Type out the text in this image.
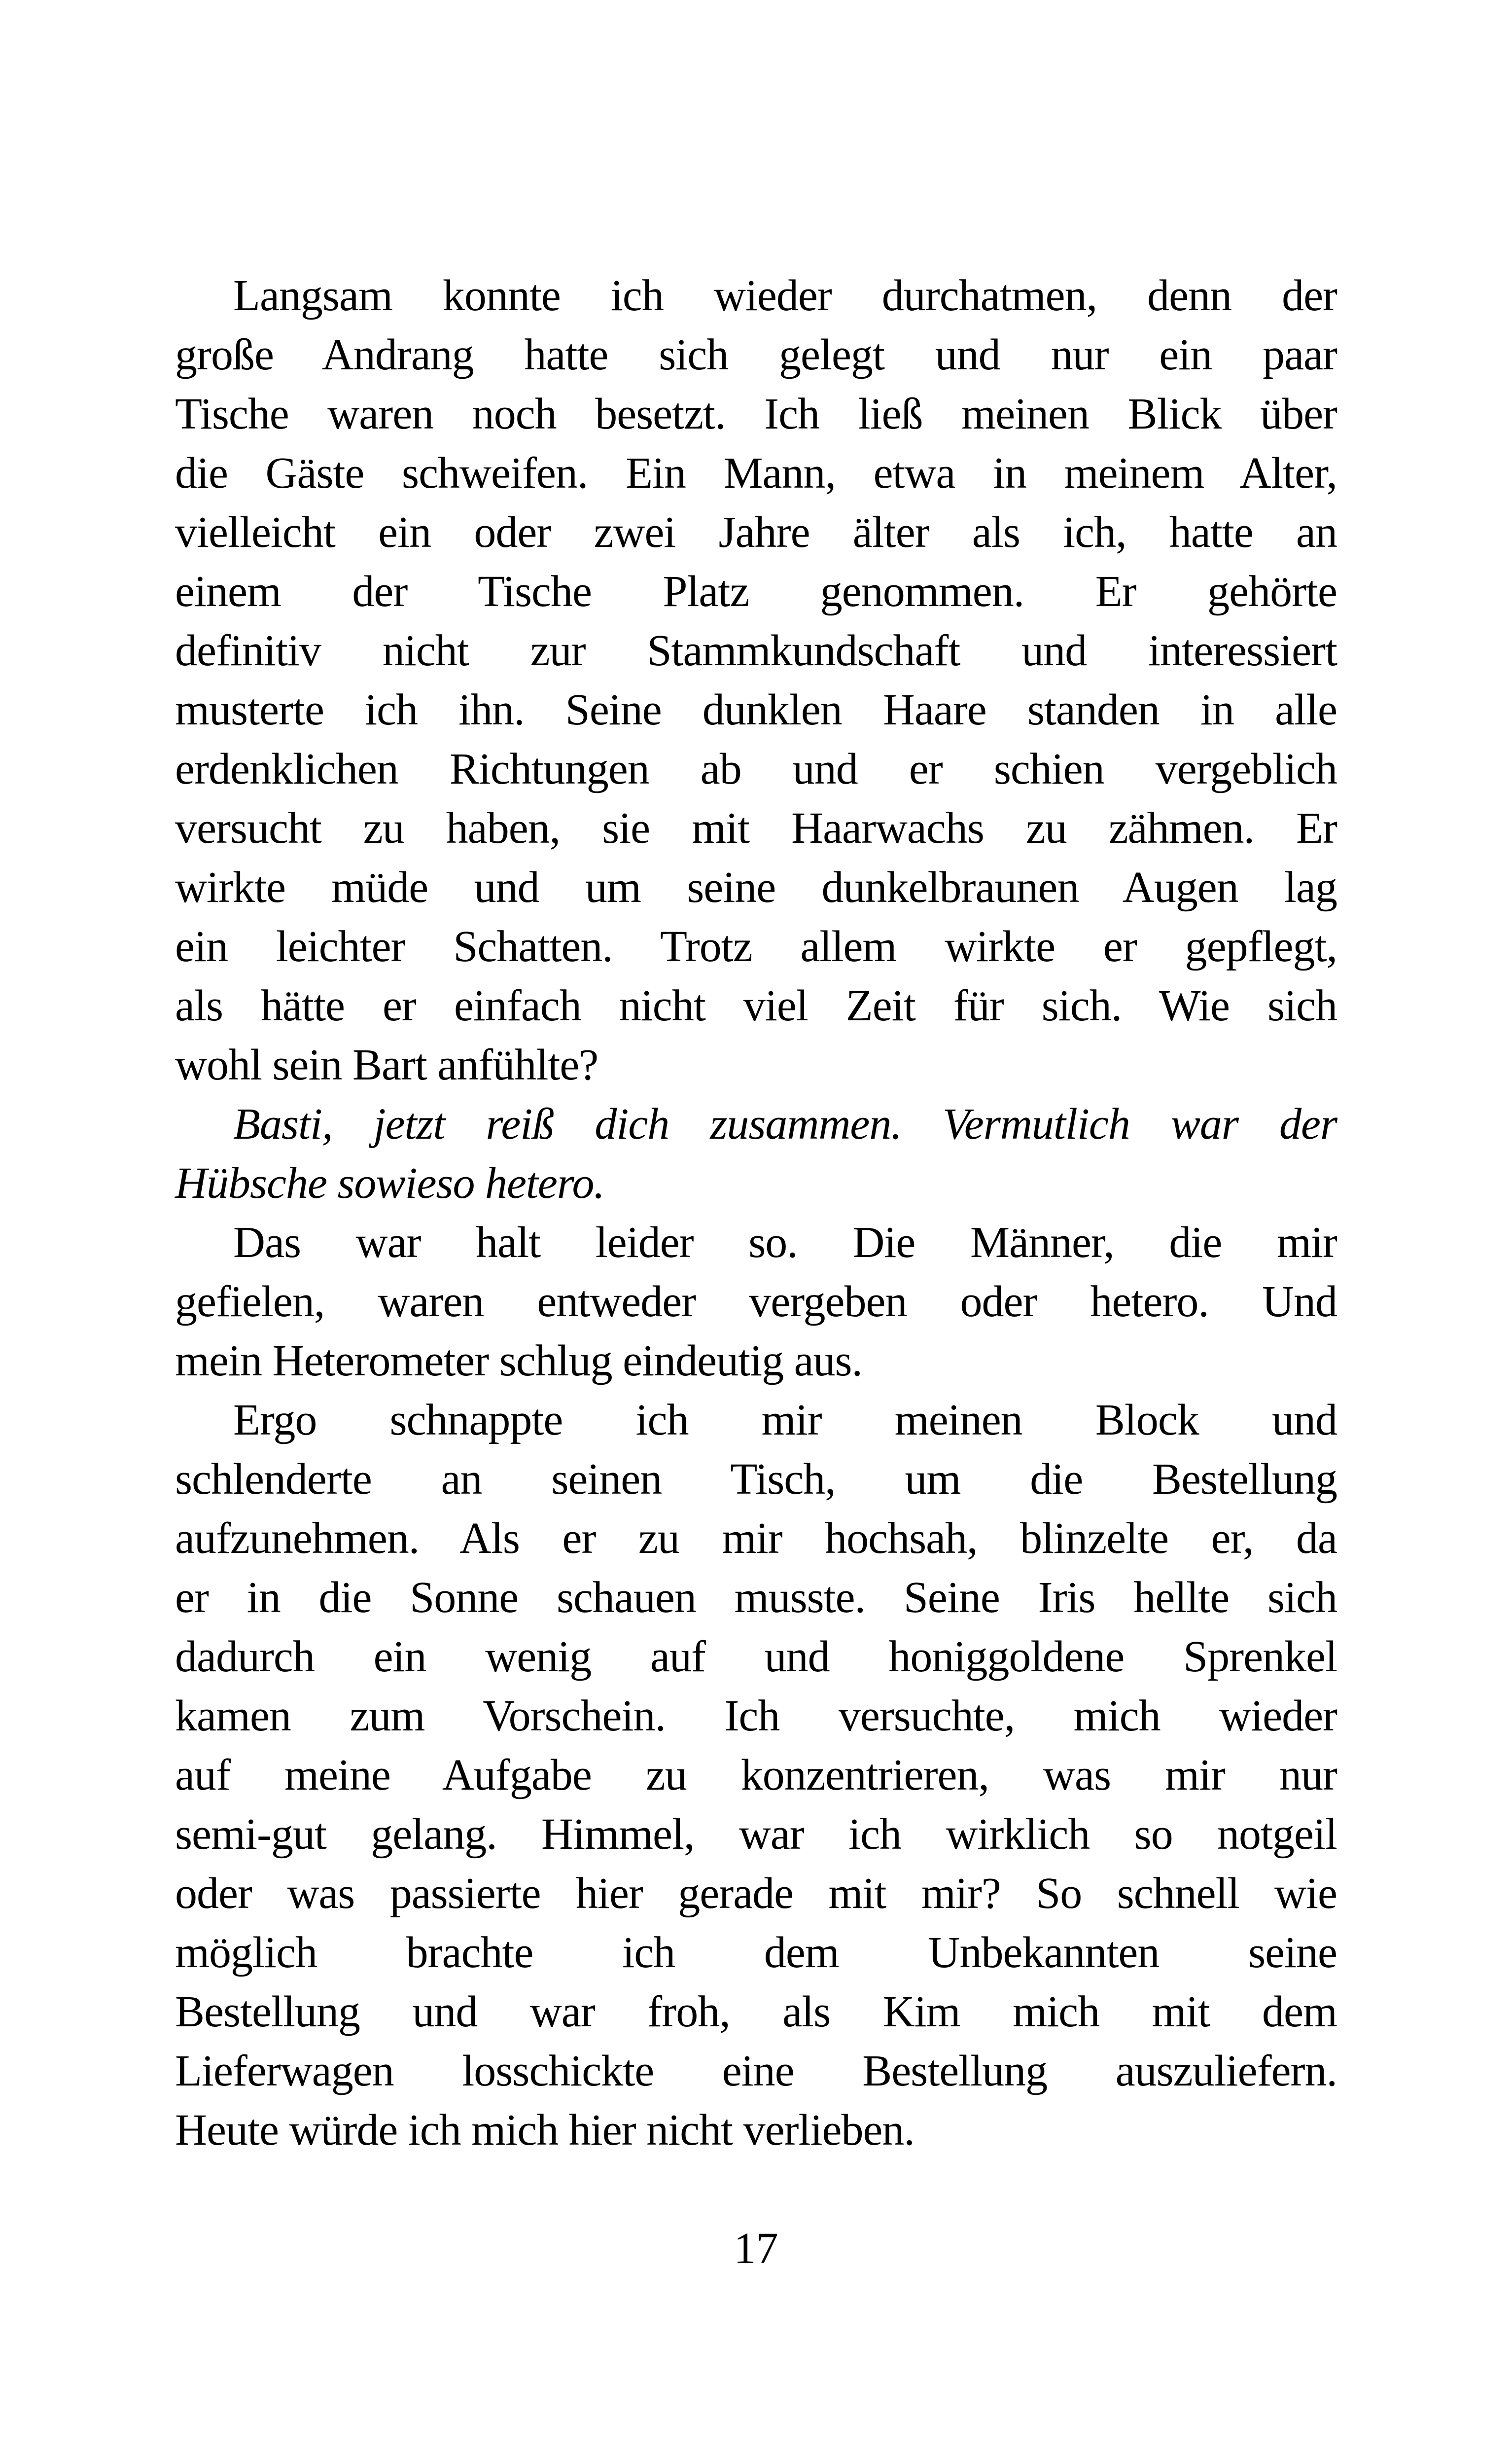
Langsam konnte ich wieder durchatmen, denn der
große Andrang hatte sich gelegt und nur ein paar
Tische waren noch besetzt. Ich ließ meinen Blick über
die Gäste schweifen. Ein Mann, etwa in meinem Alter,
vielleicht ein oder zwei Jahre älter als ich, hatte an
einem der Tische Platz genommen. Er gehörte
definitiv nicht zur Stammkundschaft und interessiert
musterte ich ihn. Seine dunklen Haare standen in alle
erdenklichen Richtungen ab und er schien vergeblich
versucht zu haben, sie mit Haarwachs zu zähmen. Er
wirkte müde und um seine dunkelbraunen Augen lag
ein leichter Schatten. Trotz allem wirkte er gepflegt,
als hätte er einfach nicht viel Zeit für sich. Wie sich
wohl sein Bart anfühlte?
Basti, jetzt reiß dich zusammen. Vermutlich war der
Hübsche sowieso hetero.
Das war halt leider so. Die Männer, die mir
gefielen, waren entweder vergeben oder hetero. Und
mein Heterometer schlug eindeutig aus.
Ergo schnappte ich mir meinen Block und
schlenderte an seinen Tisch, um die Bestellung
aufzunehmen. Als er zu mir hochsah, blinzelte er, da
er in die Sonne schauen musste. Seine Iris hellte sich
dadurch ein wenig auf und honiggoldene Sprenkel
kamen zum Vorschein. Ich versuchte, mich wieder
auf meine Aufgabe zu konzentrieren, was mir nur
semi-gut gelang. Himmel, war ich wirklich so notgeil
oder was passierte hier gerade mit mir? So schnell wie
möglich brachte ich dem Unbekannten seine
Bestellung und war froh, als Kim mich mit dem
Lieferwagen losschickte eine Bestellung auszuliefern.
Heute würde ich mich hier nicht verlieben.
17
